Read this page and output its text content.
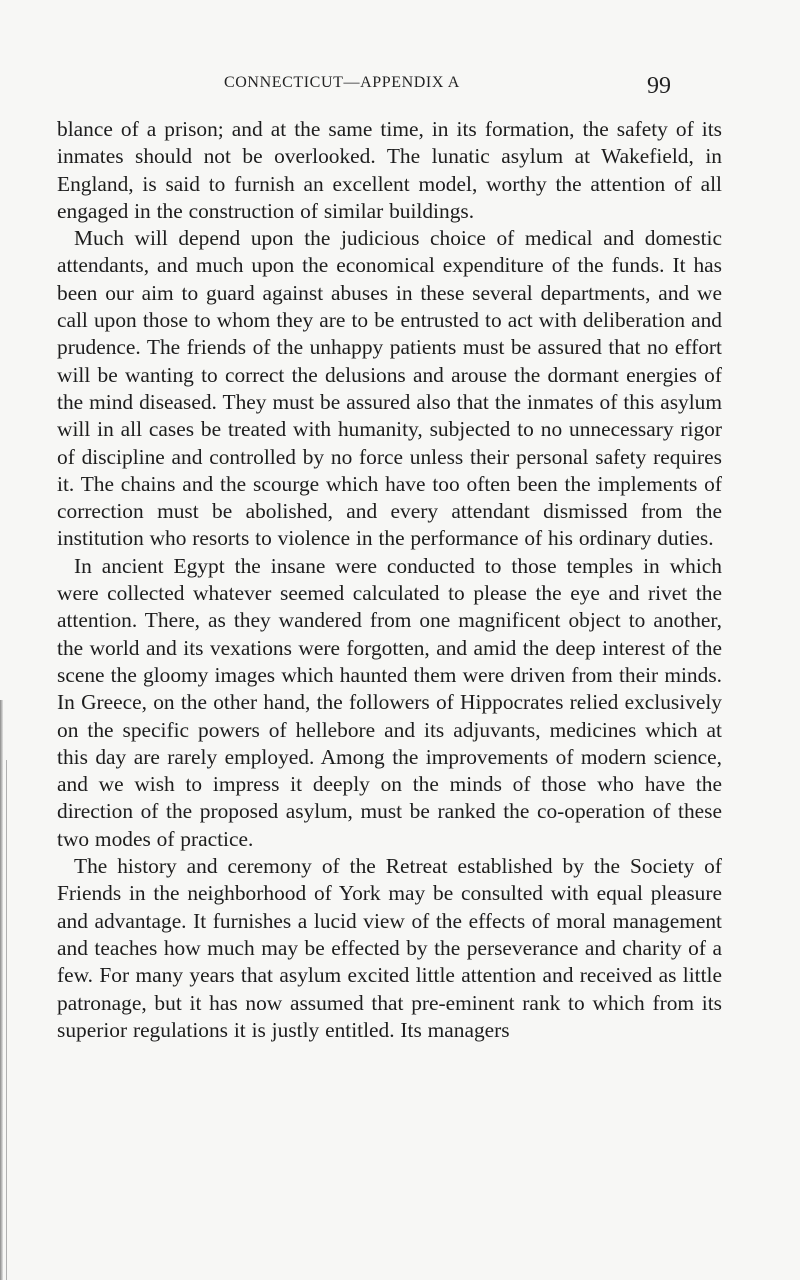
CONNECTICUT—APPENDIX A	99

blance of a prison; and at the same time, in its formation, the safety of its inmates should not be overlooked. The lunatic asylum at Wakefield, in England, is said to furnish an excellent model, worthy the attention of all engaged in the construction of similar buildings.

Much will depend upon the judicious choice of medical and domestic attendants, and much upon the economical expenditure of the funds. It has been our aim to guard against abuses in these several departments, and we call upon those to whom they are to be entrusted to act with deliberation and prudence. The friends of the unhappy patients must be assured that no effort will be wanting to correct the delusions and arouse the dormant energies of the mind diseased. They must be assured also that the inmates of this asylum will in all cases be treated with humanity, subjected to no unnecessary rigor of discipline and controlled by no force unless their personal safety requires it. The chains and the scourge which have too often been the implements of correction must be abolished, and every attendant dismissed from the institution who resorts to violence in the performance of his ordinary duties.

In ancient Egypt the insane were conducted to those temples in which were collected whatever seemed calculated to please the eye and rivet the attention. There, as they wandered from one magnificent object to another, the world and its vexations were forgotten, and amid the deep interest of the scene the gloomy images which haunted them were driven from their minds. In Greece, on the other hand, the followers of Hippocrates relied exclusively on the specific powers of hellebore and its adjuvants, medicines which at this day are rarely employed. Among the improvements of modern science, and we wish to impress it deeply on the minds of those who have the direction of the proposed asylum, must be ranked the co-operation of these two modes of practice.

The history and ceremony of the Retreat established by the Society of Friends in the neighborhood of York may be consulted with equal pleasure and advantage. It furnishes a lucid view of the effects of moral management and teaches how much may be effected by the perseverance and charity of a few. For many years that asylum excited little attention and received as little patronage, but it has now assumed that pre-eminent rank to which from its superior regulations it is justly entitled. Its managers
